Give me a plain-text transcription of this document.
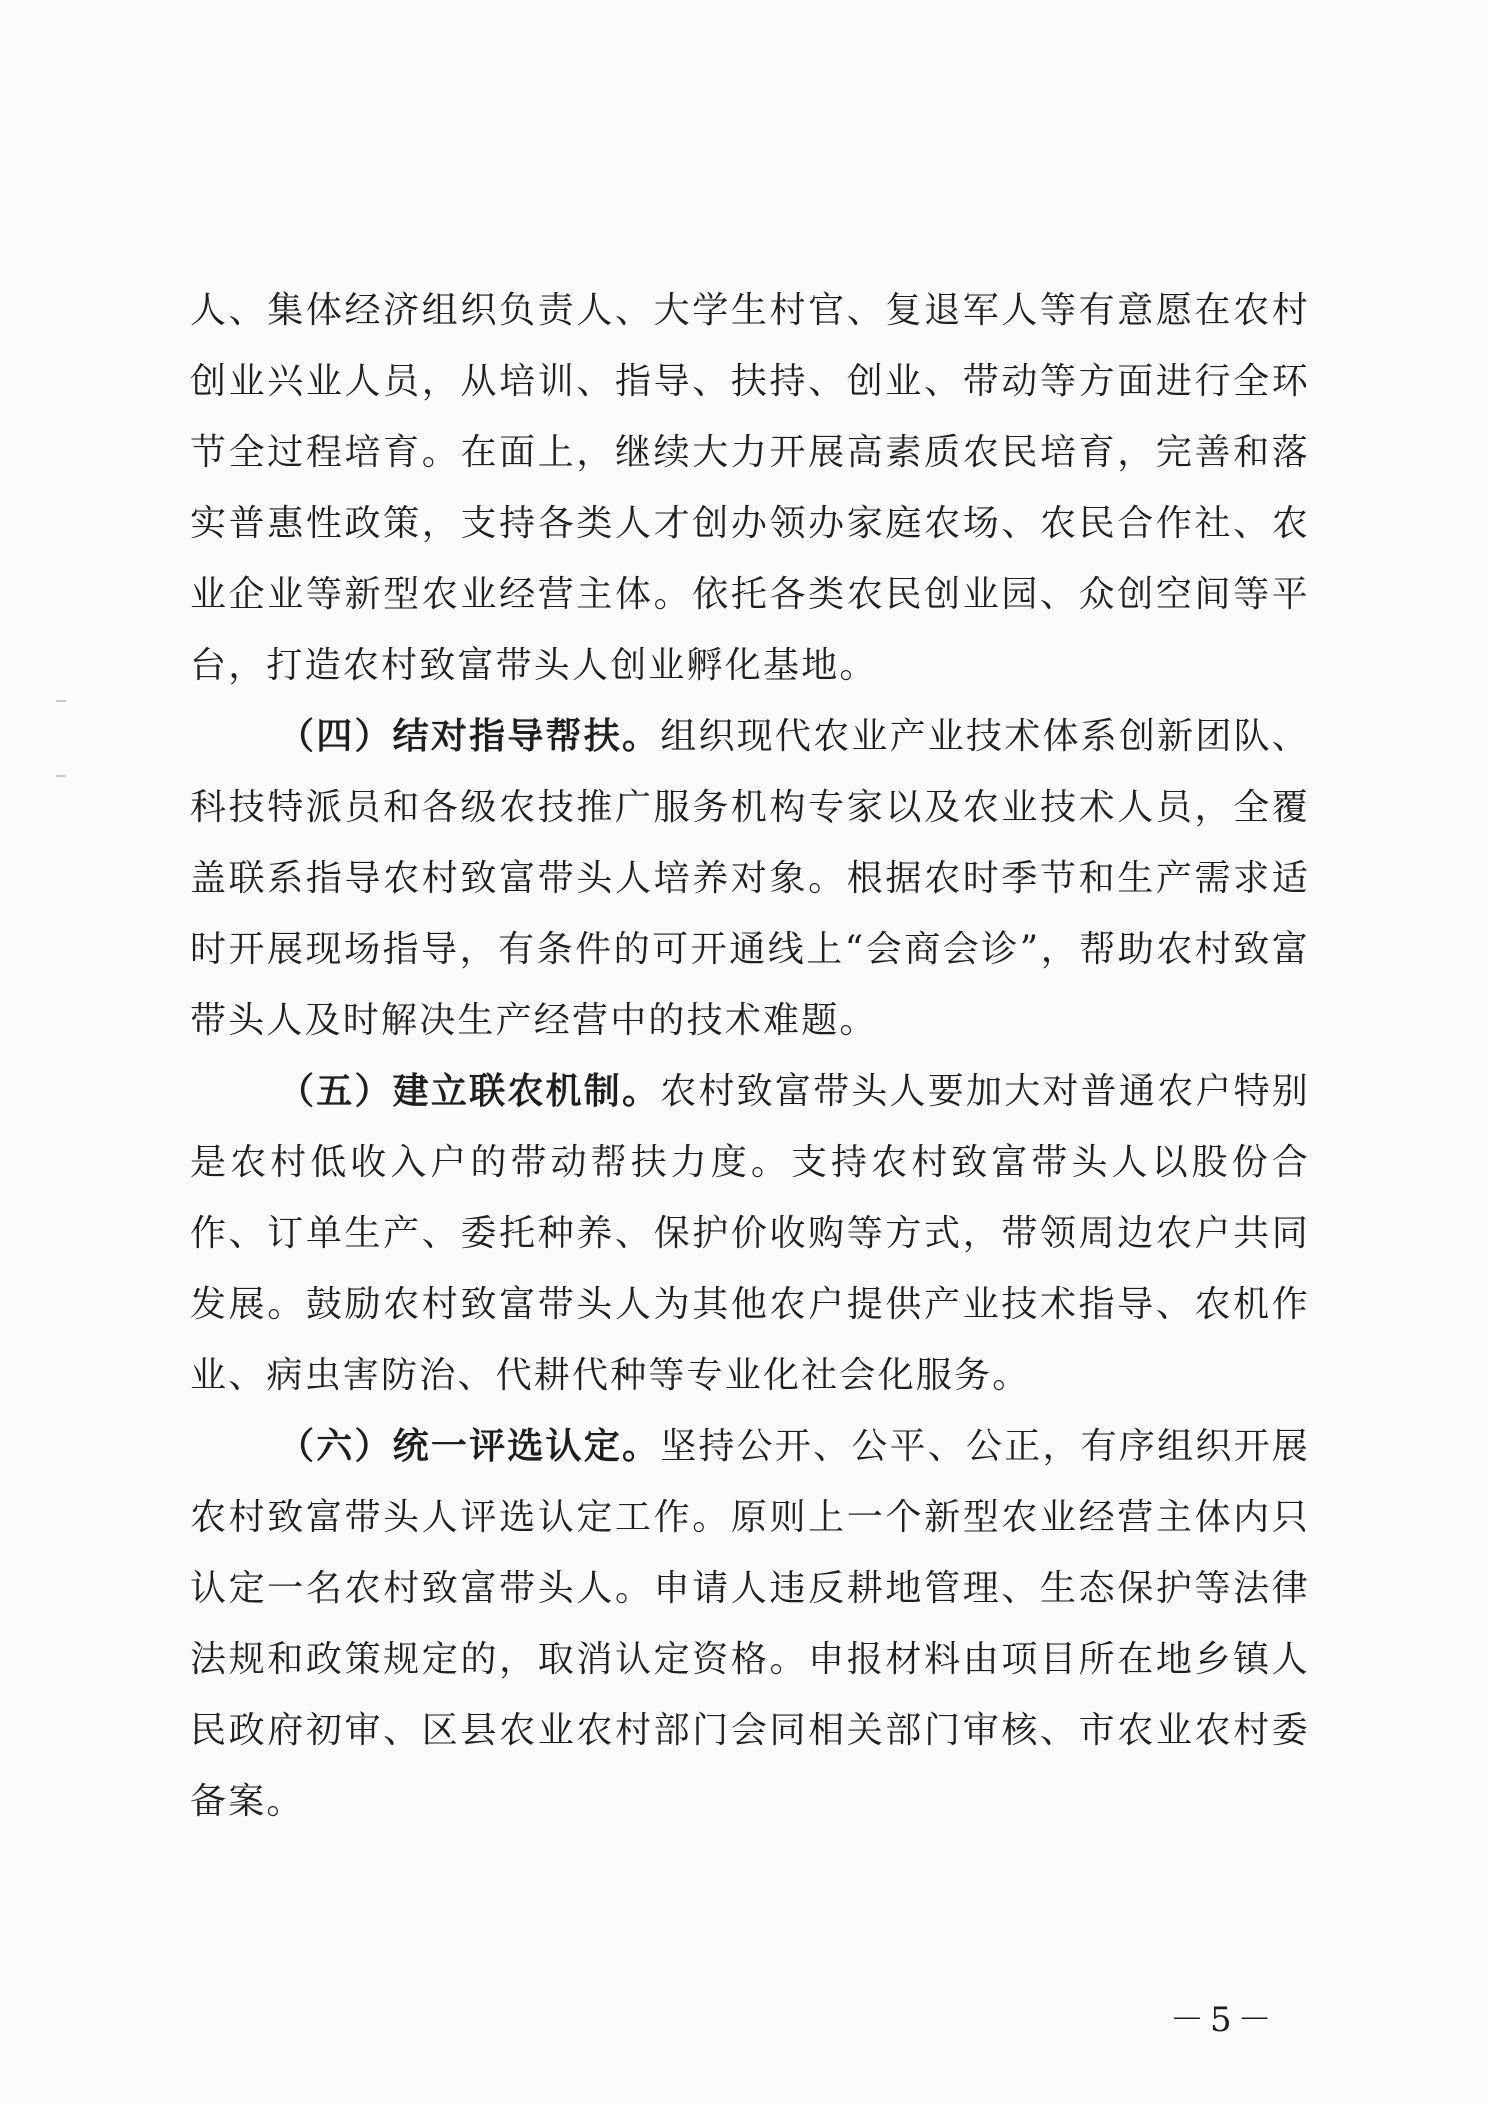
人、集体经济组织负责人、大学生村官、复退军人等有意愿在农村创业兴业人员，从培训、指导、扶持、创业、带动等方面进行全环节全过程培育。在面上，继续大力开展高素质农民培育，完善和落实普惠性政策，支持各类人才创办领办家庭农场、农民合作社、农业企业等新型农业经营主体。依托各类农民创业园、众创空间等平台，打造农村致富带头人创业孵化基地。

（四）结对指导帮扶。组织现代农业产业技术体系创新团队、科技特派员和各级农技推广服务机构专家以及农业技术人员，全覆盖联系指导农村致富带头人培养对象。根据农时季节和生产需求适时开展现场指导，有条件的可开通线上“会商会诊”，帮助农村致富带头人及时解决生产经营中的技术难题。

（五）建立联农机制。农村致富带头人要加大对普通农户特别是农村低收入户的带动帮扶力度。支持农村致富带头人以股份合作、订单生产、委托种养、保护价收购等方式，带领周边农户共同发展。鼓励农村致富带头人为其他农户提供产业技术指导、农机作业、病虫害防治、代耕代种等专业化社会化服务。

（六）统一评选认定。坚持公开、公平、公正，有序组织开展农村致富带头人评选认定工作。原则上一个新型农业经营主体内只认定一名农村致富带头人。申请人违反耕地管理、生态保护等法律法规和政策规定的，取消认定资格。申报材料由项目所在地乡镇人民政府初审、区县农业农村部门会同相关部门审核、市农业农村委备案。

－5－
